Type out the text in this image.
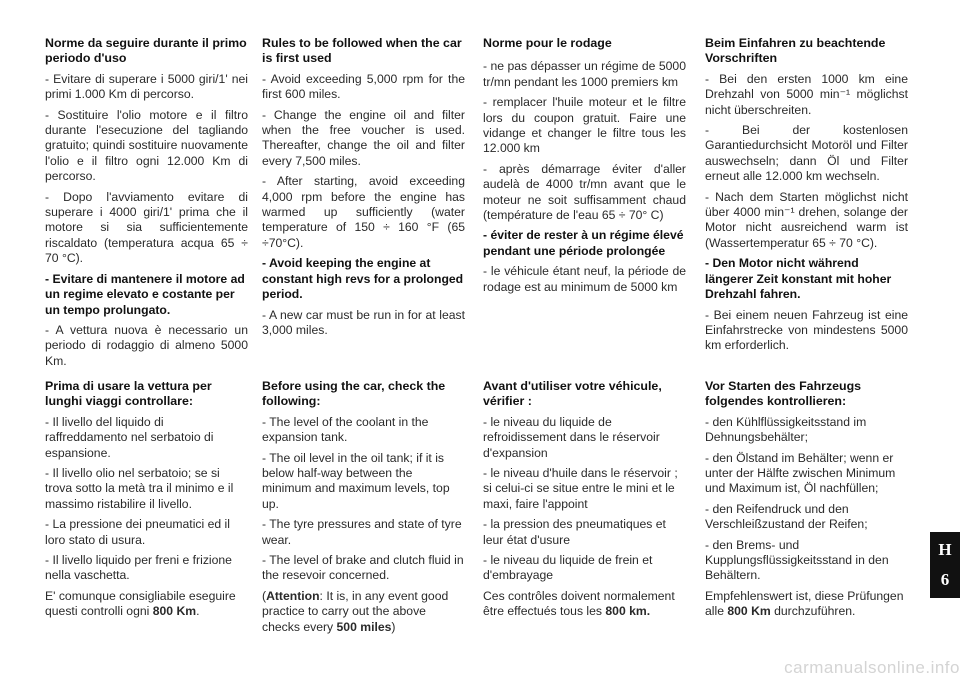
Norme da seguire durante il primo periodo d'uso

- Evitare di superare i 5000 giri/1' nei primi 1.000 Km di percorso.

- Sostituire l'olio motore e il filtro durante l'esecuzione del tagliando gratuito; quindi sostituire nuovamente l'olio e il filtro ogni 12.000 Km di percorso.

- Dopo l'avviamento evitare di superare i 4000 giri/1' prima che il motore si sia sufficientemente riscaldato (temperatura acqua 65 ÷ 70 °C).

- Evitare di mantenere il motore ad un regime elevato e costante per un tempo prolungato.

- A vettura nuova è necessario un periodo di rodaggio di almeno 5000 Km.

Rules to be followed when the car is first used

- Avoid exceeding 5,000 rpm for the first 600 miles.

- Change the engine oil and filter when the free voucher is used. Thereafter, change the oil and filter every 7,500 miles.

- After starting, avoid exceeding 4,000 rpm before the engine has warmed up sufficiently (water temperature of 150 ÷ 160 °F (65 ÷70°C).

- Avoid keeping the engine at constant high revs for a prolonged period.

- A new car must be run in for at least 3,000 miles.

Norme pour le rodage

- ne pas dépasser un régime de 5000 tr/mn pendant les 1000 premiers km

- remplacer l'huile moteur et le filtre lors du coupon gratuit. Faire une vidange et changer le filtre tous les 12.000 km

- après démarrage éviter d'aller audelà de 4000 tr/mn avant que le moteur ne soit suffisamment chaud (température de l'eau 65 ÷ 70° C)

- éviter de rester à un régime élevé pendant une période prolongée

- le véhicule étant neuf, la période de rodage est au minimum de 5000 km

Beim Einfahren zu beachtende Vorschriften

- Bei den ersten 1000 km eine Drehzahl von 5000 min⁻¹ möglichst nicht überschreiten.

- Bei der kostenlosen Garantiedurchsicht Motoröl und Filter auswechseln; dann Öl und Filter erneut alle 12.000 km wechseln.

- Nach dem Starten möglichst nicht über 4000 min⁻¹ drehen, solange der Motor nicht ausreichend warm ist (Wassertemperatur 65 ÷ 70 °C).

- Den Motor nicht während längerer Zeit konstant mit hoher Drehzahl fahren.

- Bei einem neuen Fahrzeug ist eine Einfahrstrecke von mindestens 5000 km erforderlich.

Prima di usare la vettura per lunghi viaggi controllare:

- Il livello del liquido di raffreddamento nel serbatoio di espansione.

- Il livello olio nel serbatoio; se si trova sotto la metà tra il minimo e il massimo ristabilire il livello.

- La pressione dei pneumatici ed il loro stato di usura.

- Il livello liquido per freni e frizione nella vaschetta.

E' comunque consigliabile eseguire questi controlli ogni 800 Km.

Before using the car, check the following:

- The level of the coolant in the expansion tank.

- The oil level in the oil tank; if it is below half-way between the minimum and maximum levels, top up.

- The tyre pressures and state of tyre wear.

- The level of brake and clutch fluid in the resevoir concerned.

(Attention: It is, in any event good practice to carry out the above checks every 500 miles)

Avant d'utiliser votre véhicule, vérifier :

- le niveau du liquide de refroidissement dans le réservoir d'expansion

- le niveau d'huile dans le réservoir ; si celui-ci se situe entre le mini et le maxi, faire l'appoint

- la pression des pneumatiques et leur état d'usure

- le niveau du liquide de frein et d'embrayage

Ces contrôles doivent normalement être effectués tous les 800 km.

Vor Starten des Fahrzeugs folgendes kontrollieren:

- den Kühlflüssigkeitsstand im Dehnungsbehälter;

- den Ölstand im Behälter; wenn er unter der Hälfte zwischen Minimum und Maximum ist, Öl nachfüllen;

- den Reifendruck und den Verschleißzustand der Reifen;

- den Brems- und Kupplungsflüssigkeitsstand in den Behältern.

Empfehlenswert ist, diese Prüfungen alle 800 Km durchzuführen.

H
6
carmanualsonline.info
